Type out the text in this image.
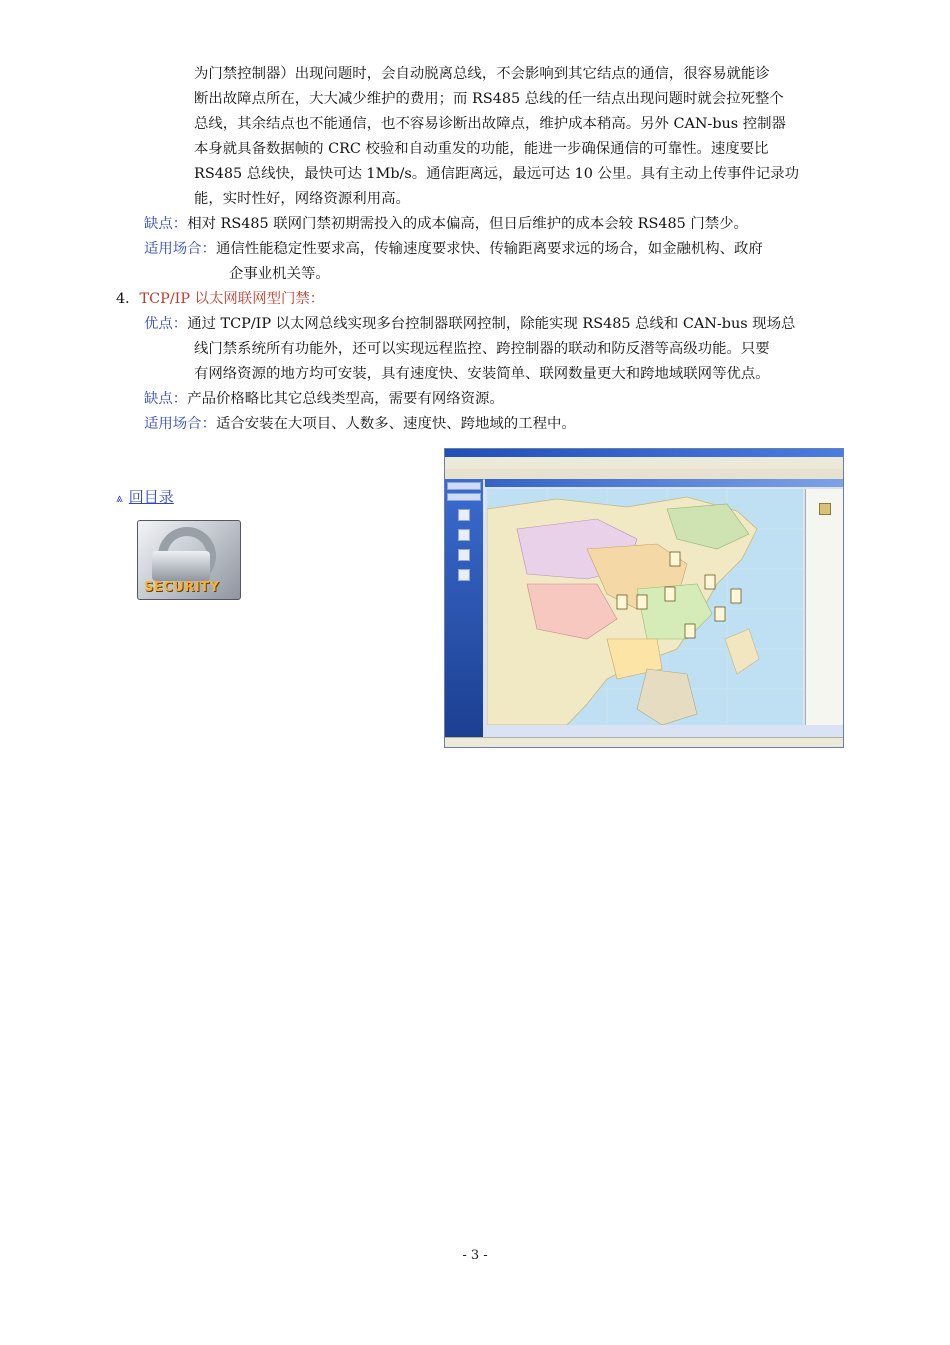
为门禁控制器）出现问题时，会自动脱离总线，不会影响到其它结点的通信，很容易就能诊
断出故障点所在，大大减少维护的费用；而 RS485 总线的任一结点出现问题时就会拉死整个
总线，其余结点也不能通信，也不容易诊断出故障点，维护成本稍高。另外 CAN-bus 控制器
本身就具备数据帧的 CRC 校验和自动重发的功能，能进一步确保通信的可靠性。速度要比
RS485 总线快，最快可达 1Mb/s。通信距离远，最远可达 10 公里。具有主动上传事件记录功
能，实时性好，网络资源利用高。
缺点：相对 RS485 联网门禁初期需投入的成本偏高，但日后维护的成本会较 RS485 门禁少。
适用场合：通信性能稳定性要求高，传输速度要求快、传输距离要求远的场合，如金融机构、政府
企事业机关等。
4．TCP/IP 以太网联网型门禁：
优点：通过 TCP/IP 以太网总线实现多台控制器联网控制，除能实现 RS485 总线和 CAN-bus 现场总
线门禁系统所有功能外，还可以实现远程监控、跨控制器的联动和防反潜等高级功能。只要
有网络资源的地方均可安装，具有速度快、安装简单、联网数量更大和跨地域联网等优点。
缺点：产品价格略比其它总线类型高，需要有网络资源。
适用场合：适合安装在大项目、人数多、速度快、跨地域的工程中。
⩓ 回目录
SECURITY
- 3 -
